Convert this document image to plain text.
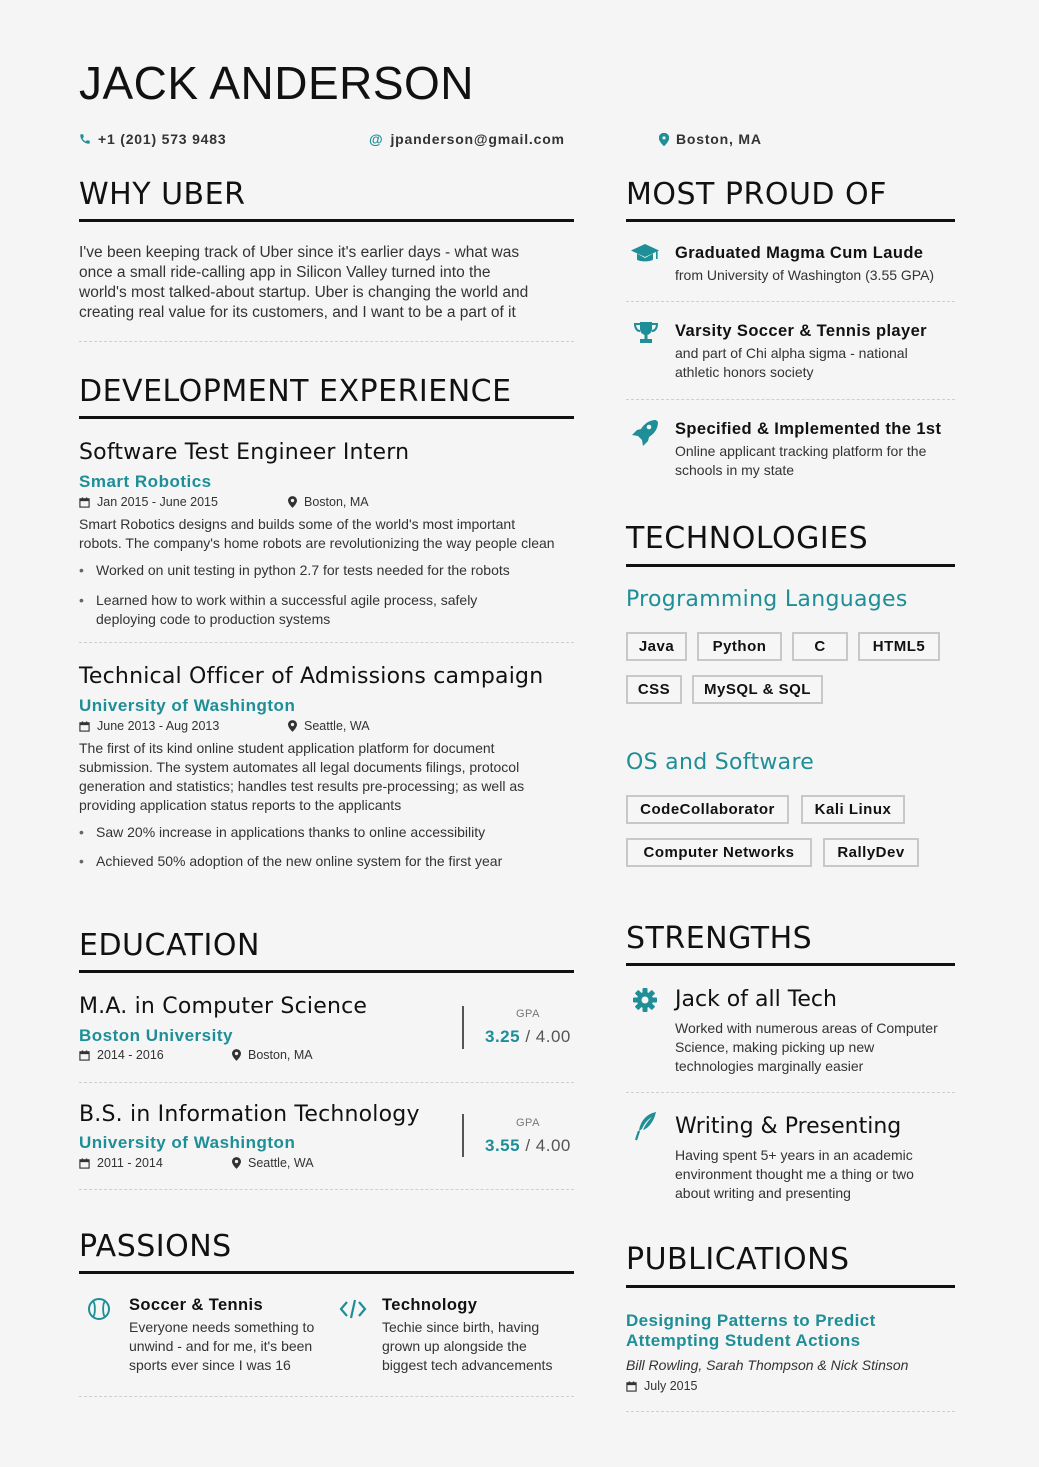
JACK ANDERSON
+1 (201) 573 9483	@ jpanderson@gmail.com	Boston, MA
WHY UBER
I've been keeping track of Uber since it's earlier days - what was
once a small ride-calling app in Silicon Valley turned into the
world's most talked-about startup. Uber is changing the world and
creating real value for its customers, and I want to be a part of it
DEVELOPMENT EXPERIENCE
Software Test Engineer Intern
Smart Robotics
Jan 2015 - June 2015	Boston, MA
Smart Robotics designs and builds some of the world's most important
robots. The company's home robots are revolutionizing the way people clean
• Worked on unit testing in python 2.7 for tests needed for the robots
• Learned how to work within a successful agile process, safely
deploying code to production systems
Technical Officer of Admissions campaign
University of Washington
June 2013 - Aug 2013	Seattle, WA
The first of its kind online student application platform for document
submission. The system automates all legal documents filings, protocol
generation and statistics; handles test results pre-processing; as well as
providing application status reports to the applicants
• Saw 20% increase in applications thanks to online accessibility
• Achieved 50% adoption of the new online system for the first year
EDUCATION
M.A. in Computer Science
Boston University
2014 - 2016	Boston, MA
GPA
3.25 / 4.00
B.S. in Information Technology
University of Washington
2011 - 2014	Seattle, WA
GPA
3.55 / 4.00
PASSIONS
Soccer & Tennis
Everyone needs something to
unwind - and for me, it's been
sports ever since I was 16
Technology
Techie since birth, having
grown up alongside the
biggest tech advancements
MOST PROUD OF
Graduated Magma Cum Laude
from University of Washington (3.55 GPA)
Varsity Soccer & Tennis player
and part of Chi alpha sigma - national
athletic honors society
Specified & Implemented the 1st
Online applicant tracking platform for the
schools in my state
TECHNOLOGIES
Programming Languages
Java	Python	C	HTML5
CSS	MySQL & SQL
OS and Software
CodeCollaborator	Kali Linux
Computer Networks	RallyDev
STRENGTHS
Jack of all Tech
Worked with numerous areas of Computer
Science, making picking up new
technologies marginally easier
Writing & Presenting
Having spent 5+ years in an academic
environment thought me a thing or two
about writing and presenting
PUBLICATIONS
Designing Patterns to Predict
Attempting Student Actions
Bill Rowling, Sarah Thompson & Nick Stinson
July 2015
